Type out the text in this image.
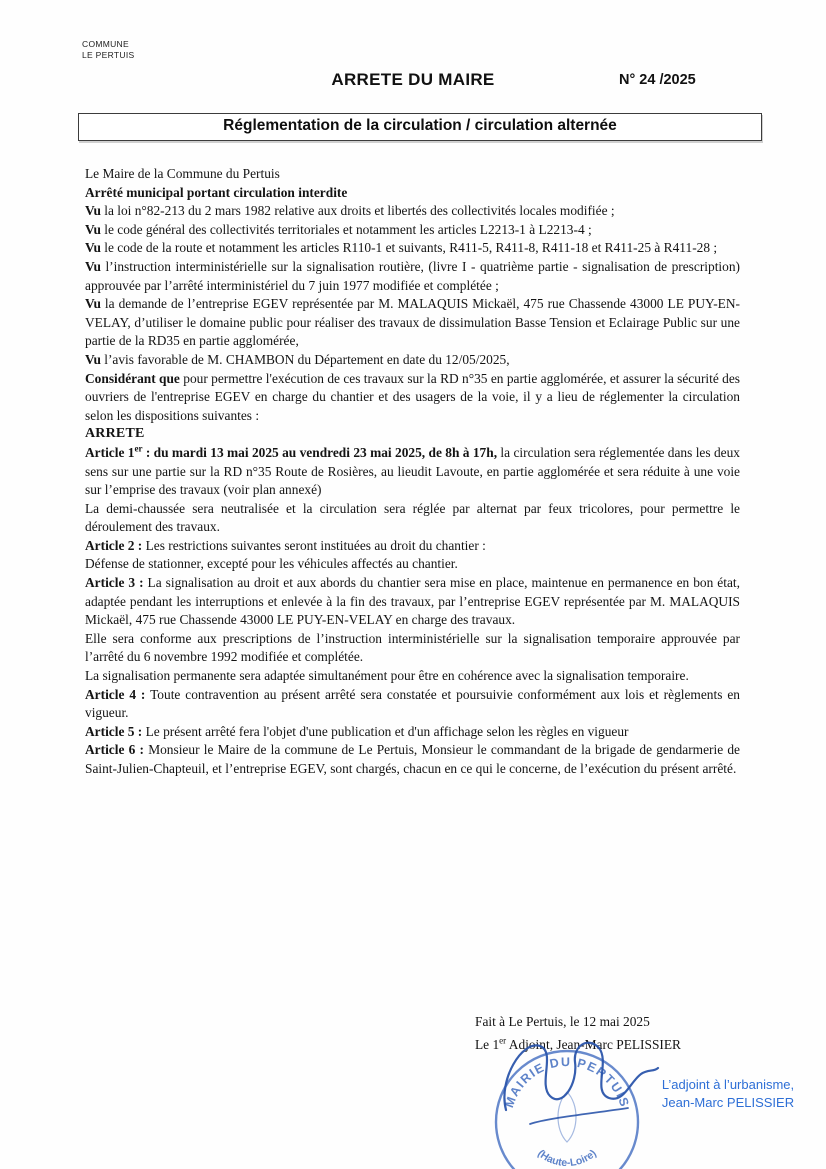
COMMUNE
LE PERTUIS
ARRETE DU MAIRE	N° 24 /2025
Réglementation de la circulation / circulation alternée

Le Maire de la Commune du Pertuis

Arrêté municipal portant circulation interdite

Vu la loi n°82-213 du 2 mars 1982 relative aux droits et libertés des collectivités locales modifiée ;

Vu le code général des collectivités territoriales et notamment les articles L2213-1 à L2213-4 ;

Vu le code de la route et notamment les articles R110-1 et suivants, R411-5, R411-8, R411-18 et R411-25 à R411-28 ;

Vu l’instruction interministérielle sur la signalisation routière, (livre I - quatrième partie - signalisation de prescription) approuvée par l’arrêté interministériel du 7 juin 1977 modifiée et complétée ;

Vu la demande de l’entreprise EGEV représentée par M. MALAQUIS Mickaël, 475 rue Chassende 43000 LE PUY-EN-VELAY, d’utiliser le domaine public pour réaliser des travaux de dissimulation Basse Tension et Eclairage Public sur une partie de la RD35 en partie agglomérée,

Vu l’avis favorable de M. CHAMBON du Département en date du 12/05/2025,

Considérant que pour permettre l'exécution de ces travaux sur la RD n°35 en partie agglomérée, et assurer la sécurité des ouvriers de l'entreprise EGEV en charge du chantier et des usagers de la voie, il y a lieu de réglementer la circulation selon les dispositions suivantes :

ARRETE

Article 1er : du mardi 13 mai 2025 au vendredi 23 mai 2025, de 8h à 17h, la circulation sera réglementée dans les deux sens sur une partie sur la RD n°35 Route de Rosières, au lieudit Lavoute, en partie agglomérée et sera réduite à une voie sur l’emprise des travaux (voir plan annexé)

La demi-chaussée sera neutralisée et la circulation sera réglée par alternat par feux tricolores, pour permettre le déroulement des travaux.

Article 2 : Les restrictions suivantes seront instituées au droit du chantier :

Défense de stationner, excepté pour les véhicules affectés au chantier.

Article 3 : La signalisation au droit et aux abords du chantier sera mise en place, maintenue en permanence en bon état, adaptée pendant les interruptions et enlevée à la fin des travaux, par l’entreprise EGEV représentée par M. MALAQUIS Mickaël, 475 rue Chassende 43000 LE PUY-EN-VELAY en charge des travaux.

Elle sera conforme aux prescriptions de l’instruction interministérielle sur la signalisation temporaire approuvée par l’arrêté du 6 novembre 1992 modifiée et complétée.

La signalisation permanente sera adaptée simultanément pour être en cohérence avec la signalisation temporaire.

Article 4 : Toute contravention au présent arrêté sera constatée et poursuivie conformément aux lois et règlements en vigueur.

Article 5 : Le présent arrêté fera l'objet d'une publication et d'un affichage selon les règles en vigueur

Article 6 : Monsieur le Maire de la commune de Le Pertuis, Monsieur le commandant de la brigade de gendarmerie de Saint-Julien-Chapteuil, et l’entreprise EGEV, sont chargés, chacun en ce qui le concerne, de l’exécution du présent arrêté.

Fait à Le Pertuis, le 12 mai 2025
Le 1er Adjoint, Jean-Marc PELISSIER
MAIRIE DU PERTUIS
(Haute-Loire)
L’adjoint à l’urbanisme,
Jean-Marc PELISSIER
